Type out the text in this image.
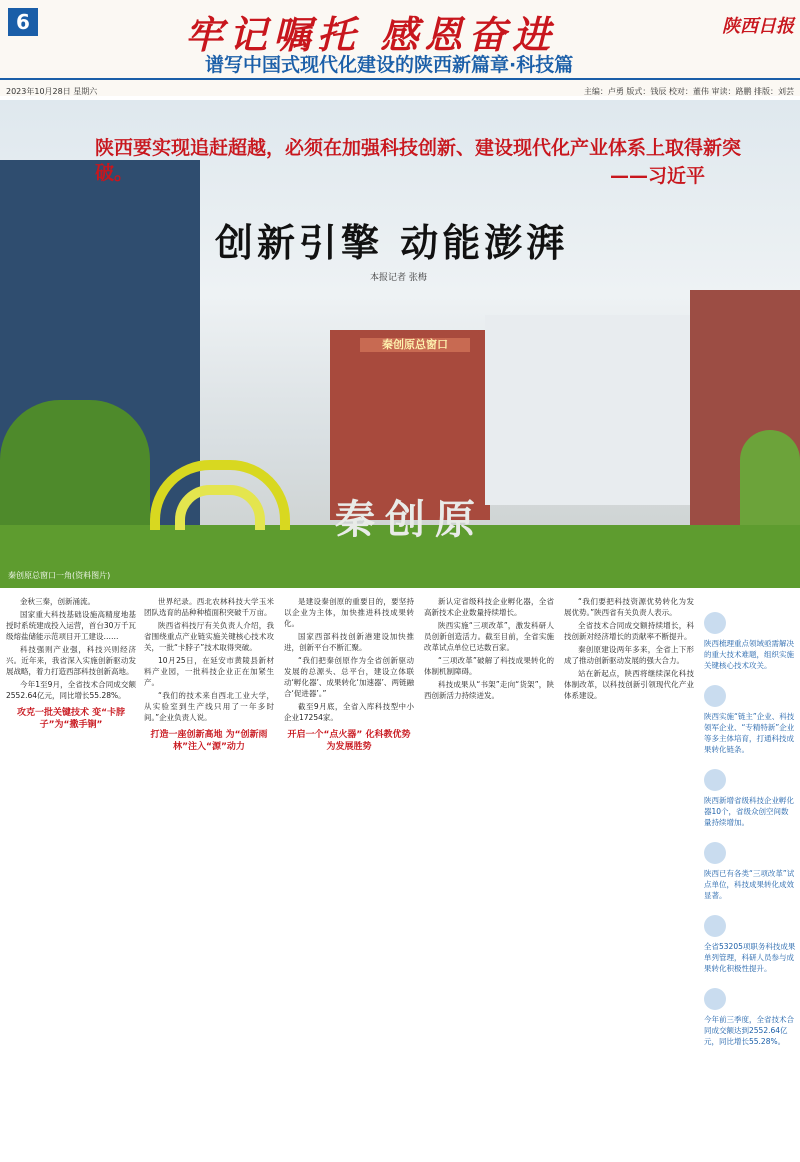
6	牢记嘱托 感恩奋进	陕西日报
谱写中国式现代化建设的陕西新篇章·科技篇
2023年10月28日 星期六	主编：卢勇 版式：钱辰 校对：董伟 审读：路鹏 排版：刘芸
秦创原总窗口
秦创原
陕西要实现追赶超越，必须在加强科技创新、建设现代化产业体系上取得新突破。	——习近平
创新引擎 动能澎湃
本报记者 张梅
秦创原总窗口一角(资料图片)

金秋三秦，创新涌流。

国家重大科技基础设施高精度地基授时系统建成投入运营，首台30万千瓦级熔盐储能示范项目开工建设……

科技强则产业强，科技兴则经济兴。近年来，我省深入实施创新驱动发展战略，着力打造西部科技创新高地。

今年1至9月，全省技术合同成交额2552.64亿元，同比增长55.28%。

攻克一批关键技术 变“卡脖子”为“撒手锏”

世界纪录。西北农林科技大学玉米团队选育的品种种植面积突破千万亩。

陕西省科技厅有关负责人介绍，我省围绕重点产业链实施关键核心技术攻关，一批“卡脖子”技术取得突破。

10月25日，在延安市黄陵县新材料产业园，一批科技企业正在加紧生产。

“我们的技术来自西北工业大学，从实验室到生产线只用了一年多时间。”企业负责人说。

打造一座创新高地 为“创新雨林”注入“源”动力

是建设秦创原的重要目的，要坚持以企业为主体，加快推进科技成果转化。

国家西部科技创新港建设加快推进，创新平台不断汇聚。

“我们把秦创原作为全省创新驱动发展的总源头、总平台，建设立体联动‘孵化器’、成果转化‘加速器’、两链融合‘促进器’。”

截至9月底，全省入库科技型中小企业17254家。

开启一个“点火器” 化科教优势为发展胜势

新认定省级科技企业孵化器，全省高新技术企业数量持续增长。

陕西实施“三项改革”，激发科研人员创新创造活力。截至目前，全省实施改革试点单位已达数百家。

“三项改革”破解了科技成果转化的体制机制障碍。

科技成果从“书架”走向“货架”，陕西创新活力持续迸发。

“我们要把科技资源优势转化为发展优势。”陕西省有关负责人表示。

全省技术合同成交额持续增长，科技创新对经济增长的贡献率不断提升。

秦创原建设两年多来，全省上下形成了推动创新驱动发展的强大合力。

站在新起点，陕西将继续深化科技体制改革，以科技创新引领现代化产业体系建设。

陕西梳理重点领域亟需解决的重大技术难题，组织实施关键核心技术攻关。
陕西实施“链主”企业、科技领军企业、“专精特新”企业等多主体培育，打通科技成果转化链条。
陕西新增省级科技企业孵化器10个，省级众创空间数量持续增加。
陕西已有各类“三项改革”试点单位，科技成果转化成效显著。
全省53205项职务科技成果单列管理，科研人员参与成果转化积极性提升。
今年前三季度，全省技术合同成交额达到2552.64亿元，同比增长55.28%。
